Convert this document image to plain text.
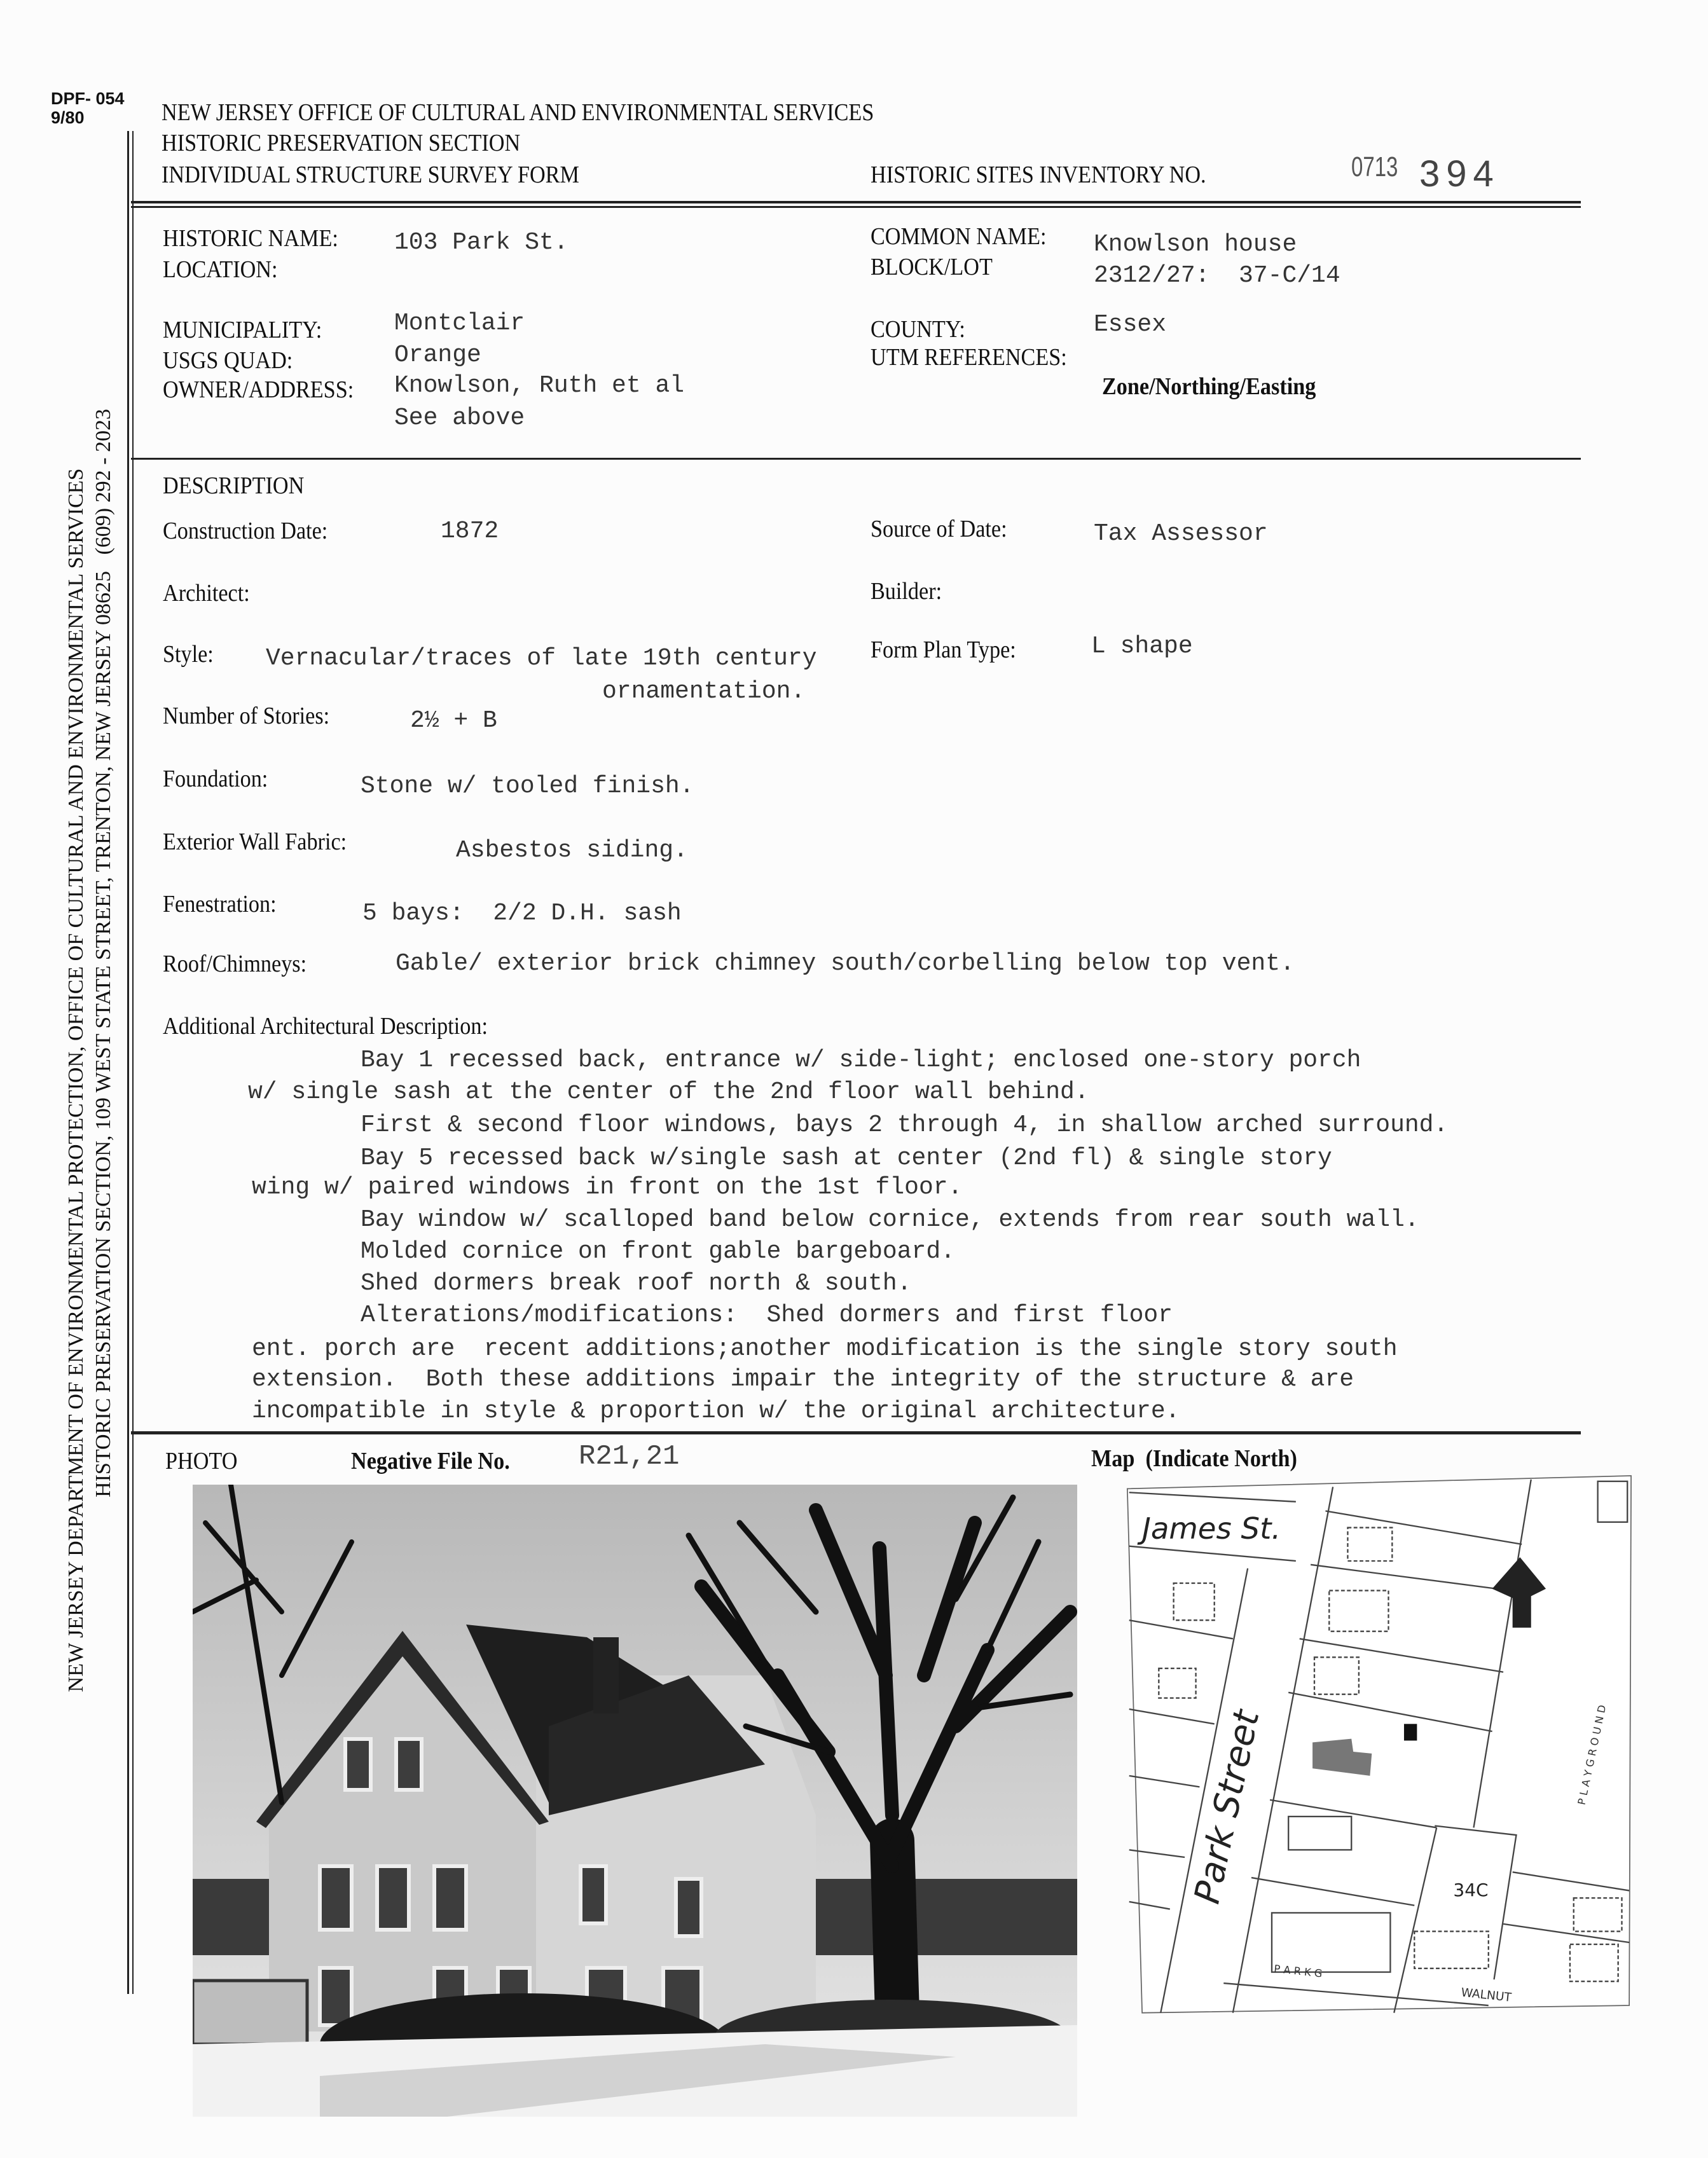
DPF- 054
9/80	NEW JERSEY OFFICE OF CULTURAL AND ENVIRONMENTAL SERVICES
HISTORIC PRESERVATION SECTION
INDIVIDUAL STRUCTURE SURVEY FORM	HISTORIC SITES INVENTORY NO.	0713 394
NEW JERSEY DEPARTMENT OF ENVIRONMENTAL PROTECTION, OFFICE OF CULTURAL AND ENVIRONMENTAL SERVICES HISTORIC PRESERVATION SECTION, 109 WEST STATE STREET, TRENTON, NEW JERSEY 08625   (609) 292 - 2023
HISTORIC NAME: 103 Park St.
LOCATION:
COMMON NAME: Knowlson house
BLOCK/LOT	2312/27:  37-C/14
MUNICIPALITY:	Montclair
USGS QUAD:	Orange
OWNER/ADDRESS: Knowlson, Ruth et al
See above
COUNTY:	Essex
UTM REFERENCES:
Zone/Northing/Easting
DESCRIPTION
Construction Date:	1872	Source of Date:	Tax Assessor
Architect:	Builder:
Style: Vernacular/traces of late 19th century
ornamentation.
Form Plan Type:	L shape
Number of Stories:	2½ + B
Foundation:	Stone w/ tooled finish.
Exterior Wall Fabric:	Asbestos siding.
Fenestration:	5 bays:  2/2 D.H. sash
Roof/Chimneys:	Gable/ exterior brick chimney south/corbelling below top vent.
Additional Architectural Description:
Bay 1 recessed back, entrance w/ side-light; enclosed one-story porch
w/ single sash at the center of the 2nd floor wall behind.
First & second floor windows, bays 2 through 4, in shallow arched surround.
Bay 5 recessed back w/single sash at center (2nd fl) & single story
wing w/ paired windows in front on the 1st floor.
Bay window w/ scalloped band below cornice, extends from rear south wall.
Molded cornice on front gable bargeboard.
Shed dormers break roof north & south.
Alterations/modifications:  Shed dormers and first floor
ent. porch are  recent additions;another modification is the single story south
extension.  Both these additions impair the integrity of the structure & are
incompatible in style & proportion w/ the original architecture.
PHOTO	Negative File No. R21,21	Map  (Indicate North)
James St.
Park Street	34C
P A R K G
WALNUT
P L A Y G R O U N D
